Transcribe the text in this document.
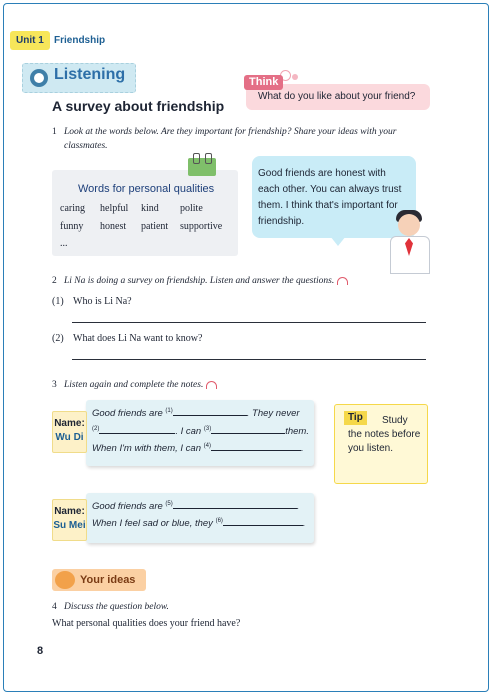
Unit 1	Friendship
Listening
A survey about friendship
Think
What do you like about your friend?
1 Look at the words below. Are they important for friendship? Share your ideas with your
classmates.
Words for personal qualities
caring helpful kind polite
funny honest patient supportive
...
Good friends are honest with
each other. You can always trust
them. I think that's important for
friendship.
2 Li Na is doing a survey on friendship. Listen and answer the questions.
(1) Who is Li Na?
(2) What does Li Na want to know?
3 Listen again and complete the notes.
Name:
Wu Di
Good friends are $^{(1)}$	. They never
$^{(2)}$	. I can $^{(3)}$	them.
When I'm with them, I can $^{(4)}$	.
Study the notes before you listen.
Tip
Name:
Su Mei
Good friends are $^{(5)}$	.
When I feel sad or blue, they $^{(6)}$	.
Your ideas
4 Discuss the question below.
What personal qualities does your friend have?
8
